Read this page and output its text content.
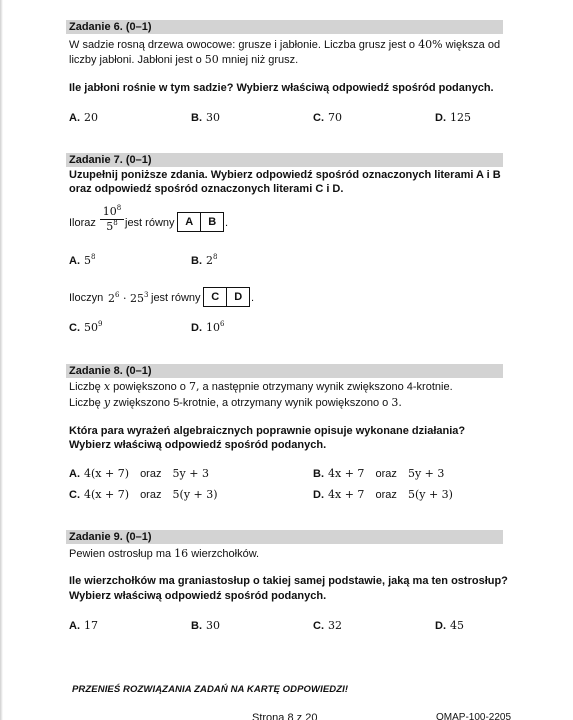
Zadanie 6. (0–1)
W sadzie rosną drzewa owocowe: grusze i jabłonie. Liczba grusz jest o 40% większa od
liczby jabłoni. Jabłoni jest o 50 mniej niż grusz.
Ile jabłoni rośnie w tym sadzie? Wybierz właściwą odpowiedź spośród podanych.
A. 20	B. 30	C. 70	D. 125
Zadanie 7. (0–1)
Uzupełnij poniższe zdania. Wybierz odpowiedź spośród oznaczonych literami A i B
oraz odpowiedź spośród oznaczonych literami C i D.
Iloraz $\frac{10^8}{5^8}$ jest równy A	B .
A. $5^8$	B. $2^8$
Iloczyn $2^6 \cdot 25^3$ jest równy C	D .
C. $50^9$	D. $10^6$
Zadanie 8. (0–1)
Liczbę x powiększono o 7, a następnie otrzymany wynik zwiększono 4-krotnie.
Liczbę y zwiększono 5-krotnie, a otrzymany wynik powiększono o 3.
Która para wyrażeń algebraicznych poprawnie opisuje wykonane działania?
Wybierz właściwą odpowiedź spośród podanych.
A. 4(x + 7) oraz 5y + 3	B. 4x + 7 oraz 5y + 3
C. 4(x + 7) oraz 5(y + 3)	D. 4x + 7 oraz 5(y + 3)
Zadanie 9. (0–1)
Pewien ostrosłup ma 16 wierzchołków.
Ile wierzchołków ma graniastosłup o takiej samej podstawie, jaką ma ten ostrosłup?
Wybierz właściwą odpowiedź spośród podanych.
A. 17	B. 30	C. 32	D. 45
PRZENIEŚ ROZWIĄZANIA ZADAŃ NA KARTĘ ODPOWIEDZI!
Strona 8 z 20	OMAP-100-2205
